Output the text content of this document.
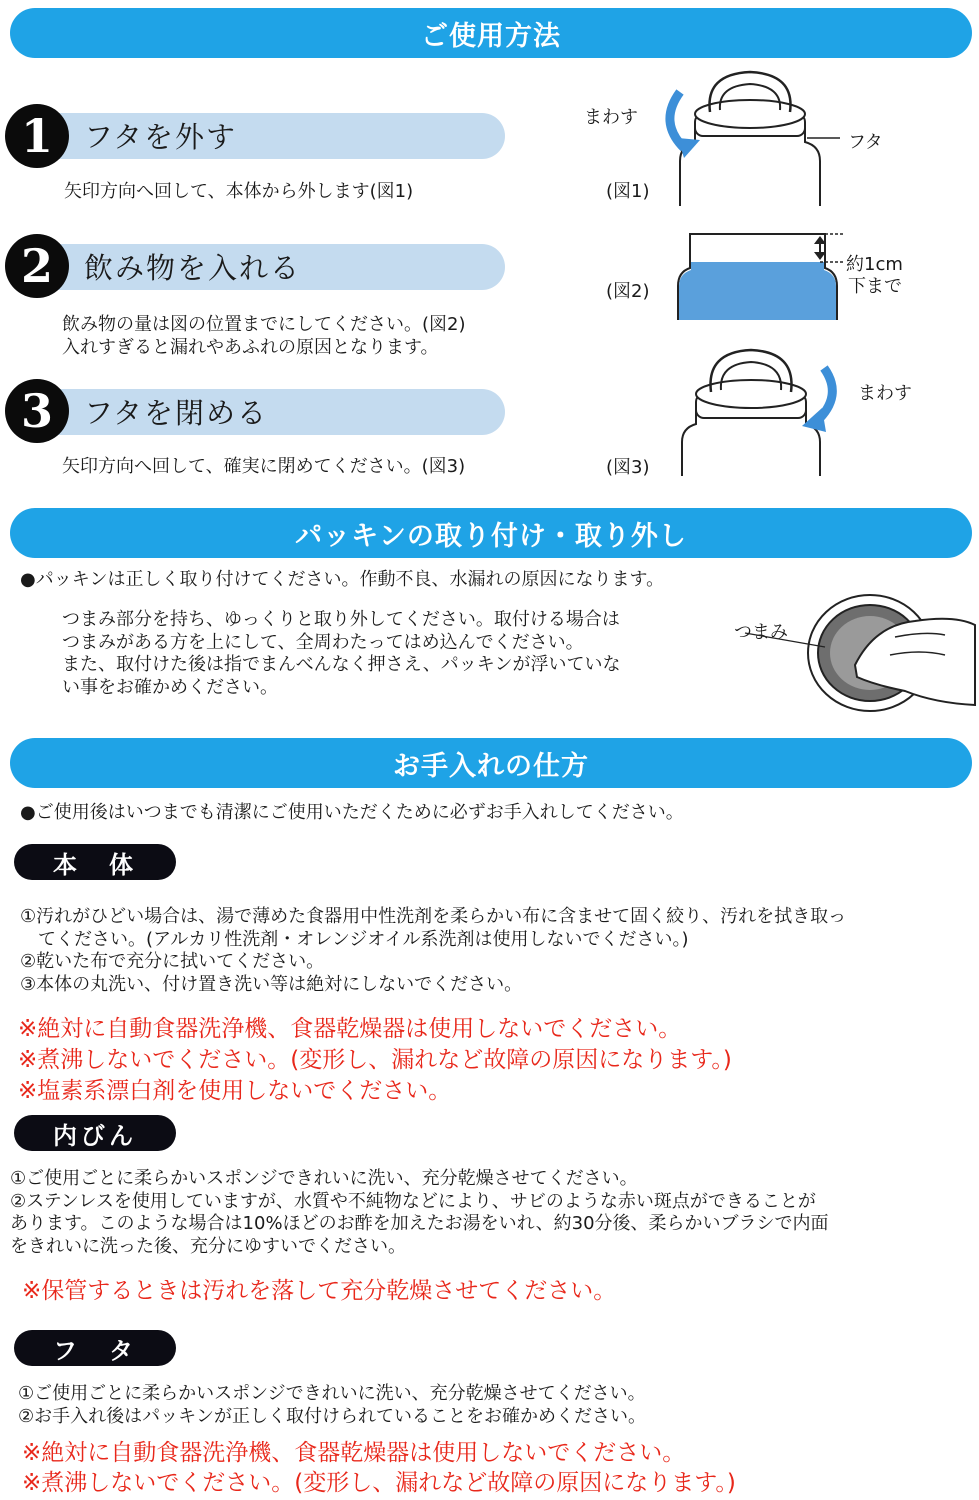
ご使用方法
1	フタを外す
矢印方向へ回して、本体から外します(図1)
2	飲み物を入れる
飲み物の量は図の位置までにしてください。(図2)
入れすぎると漏れやあふれの原因となります。
3	フタを閉める
矢印方向へ回して、確実に閉めてください。(図3)
まわす
フタ
(図1)
約1cm
下まで
(図2)
まわす
(図3)
パッキンの取り付け・取り外し
●パッキンは正しく取り付けてください。作動不良、水漏れの原因になります。
つまみ部分を持ち、ゆっくりと取り外してください。取付ける場合は
つまみがある方を上にして、全周わたってはめ込んでください。
また、取付けた後は指でまんべんなく押さえ、パッキンが浮いていな
い事をお確かめください。
つまみ
お手入れの仕方
●ご使用後はいつまでも清潔にご使用いただくために必ずお手入れしてください。
本　体
①汚れがひどい場合は、湯で薄めた食器用中性洗剤を柔らかい布に含ませて固く絞り、汚れを拭き取っ
　てください。(アルカリ性洗剤・オレンジオイル系洗剤は使用しないでください。)
②乾いた布で充分に拭いてください。
③本体の丸洗い、付け置き洗い等は絶対にしないでください。
※絶対に自動食器洗浄機、食器乾燥器は使用しないでください。
※煮沸しないでください。(変形し、漏れなど故障の原因になります。)
※塩素系漂白剤を使用しないでください。
内びん
①ご使用ごとに柔らかいスポンジできれいに洗い、充分乾燥させてください。
②ステンレスを使用していますが、水質や不純物などにより、サビのような赤い斑点ができることが
あります。このような場合は10%ほどのお酢を加えたお湯をいれ、約30分後、柔らかいブラシで内面
をきれいに洗った後、充分にゆすいでください。
※保管するときは汚れを落して充分乾燥させてください。
フ　タ
①ご使用ごとに柔らかいスポンジできれいに洗い、充分乾燥させてください。
②お手入れ後はパッキンが正しく取付けられていることをお確かめください。
※絶対に自動食器洗浄機、食器乾燥器は使用しないでください。
※煮沸しないでください。(変形し、漏れなど故障の原因になります。)
